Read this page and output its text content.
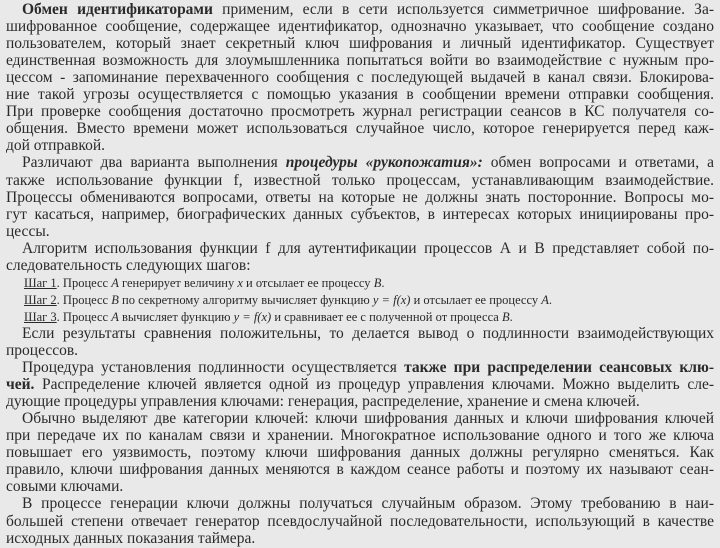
Обмен идентификаторами применим, если в сети используется симметричное шифрование. За-
шифрованное сообщение, содержащее идентификатор, однозначно указывает, что сообщение создано
пользователем, который знает секретный ключ шифрования и личный идентификатор. Существует
единственная возможность для злоумышленника попытаться войти во взаимодействие с нужным про-
цессом - запоминание перехваченного сообщения с последующей выдачей в канал связи. Блокирова-
ние такой угрозы осуществляется с помощью указания в сообщении времени отправки сообщения.
При проверке сообщения достаточно просмотреть журнал регистрации сеансов в КС получателя со-
общения. Вместо времени может использоваться случайное число, которое генерируется перед каж-
дой отправкой.
Различают два варианта выполнения процедуры «рукопожатия»: обмен вопросами и ответами, а
также использование функции f, известной только процессам, устанавливающим взаимодействие.
Процессы обмениваются вопросами, ответы на которые не должны знать посторонние. Вопросы мо-
гут касаться, например, биографических данных субъектов, в интересах которых инициированы про-
цессы.
Алгоритм использования функции f для аутентификации процессов А и В представляет собой по-
следовательность следующих шагов:
Шаг 1. Процесс A генерирует величину x и отсылает ее процессу B.
Шаг 2. Процесс B по секретному алгоритму вычисляет функцию y = f(x) и отсылает ее процессу A.
Шаг 3. Процесс A вычисляет функцию y = f(x) и сравнивает ее с полученной от процесса B.
Если результаты сравнения положительны, то делается вывод о подлинности взаимодействующих
процессов.
Процедура установления подлинности осуществляется также при распределении сеансовых клю-
чей. Распределение ключей является одной из процедур управления ключами. Можно выделить сле-
дующие процедуры управления ключами: генерация, распределение, хранение и смена ключей.
Обычно выделяют две категории ключей: ключи шифрования данных и ключи шифрования ключей
при передаче их по каналам связи и хранении. Многократное использование одного и того же ключа
повышает его уязвимость, поэтому ключи шифрования данных должны регулярно сменяться. Как
правило, ключи шифрования данных меняются в каждом сеансе работы и поэтому их называют сеан-
совыми ключами.
В процессе генерации ключи должны получаться случайным образом. Этому требованию в наи-
большей степени отвечает генератор псевдослучайной последовательности, использующий в качестве
исходных данных показания таймера.
